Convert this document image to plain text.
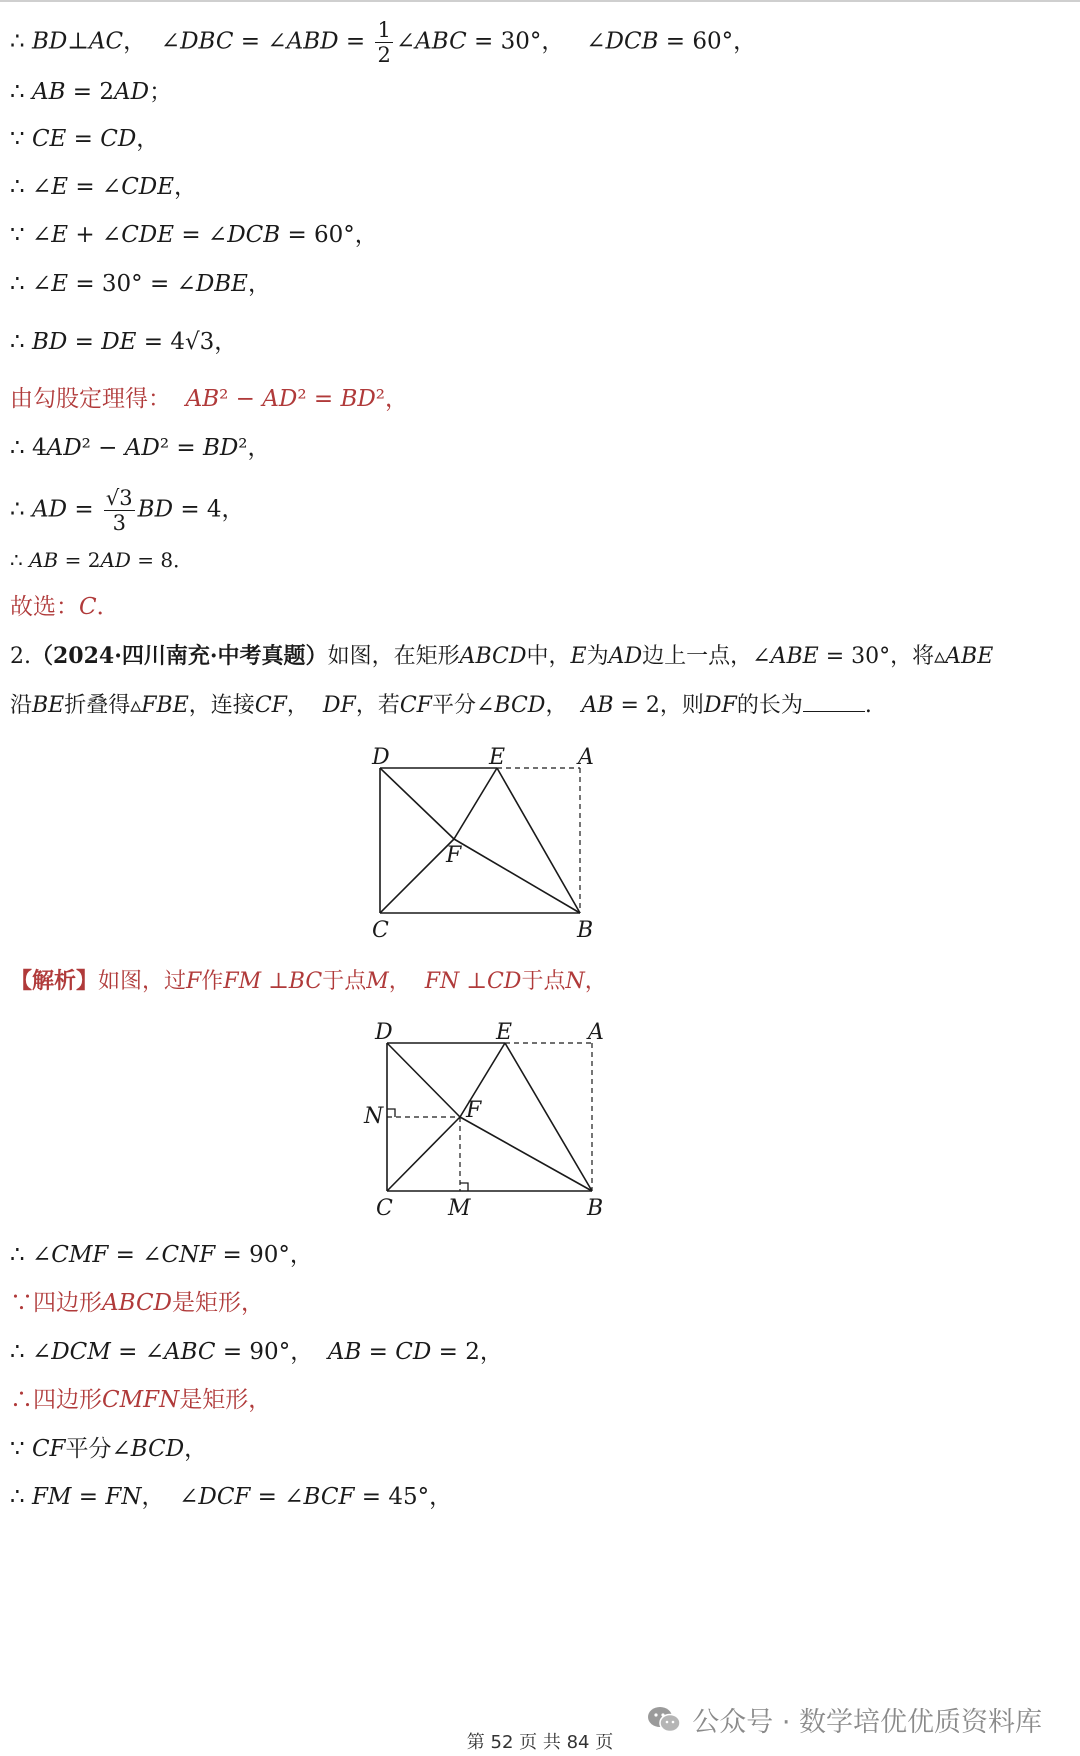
∴ BD⊥AC，  ∠DBC = ∠ABD = $\frac{1}{2}$ ∠ABC = 30°，   ∠DCB = 60°，
∴ AB = 2AD；
∵ CE = CD，
∴ ∠E = ∠CDE，
∵ ∠E + ∠CDE = ∠DCB = 60°，
∴ ∠E = 30° = ∠DBE，
∴ BD = DE = 4√3，
由勾股定理得：  AB² − AD² = BD²，
∴ 4AD² − AD² = BD²，
∴ AD = $\frac{√3}{3}$ BD = 4，
∴ AB = 2AD = 8．
故选：C．
2.（2024·四川南充·中考真题）如图，在矩形ABCD中，E为AD边上一点，∠ABE = 30°，将▵ABE
沿BE折叠得▵FBE，连接CF，  DF，若CF平分∠BCD，  AB = 2，则DF的长为	.
D	E	A
F
C	B
【解析】如图，过F作FM ⊥BC于点M，  FN ⊥CD于点N，
D	E	A
N	F
C	M	B
∴ ∠CMF = ∠CNF = 90°，
∵四边形ABCD是矩形，
∴ ∠DCM = ∠ABC = 90°，  AB = CD = 2，
∴四边形CMFN是矩形，
∵ CF平分∠BCD，
∴ FM = FN，  ∠DCF = ∠BCF = 45°，
公众号 · 数学培优优质资料库
第 52 页 共 84 页
